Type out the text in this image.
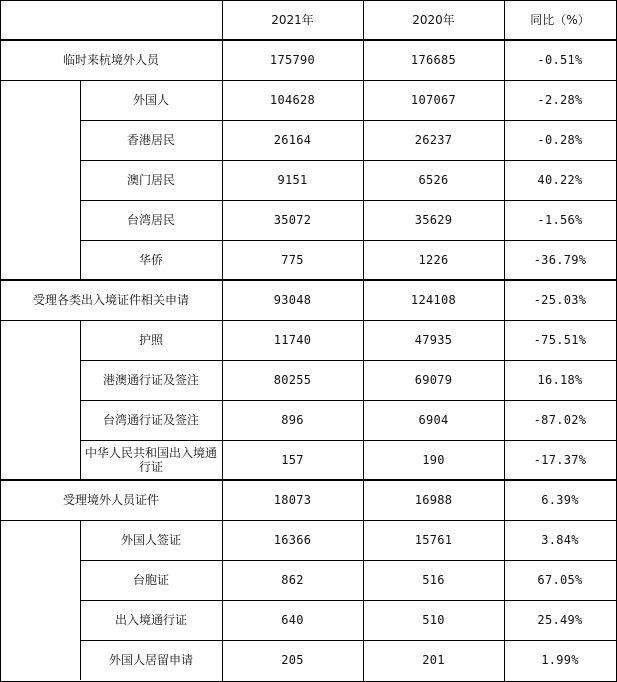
2021年	2020年	同比（%）
临时来杭境外人员	175790	176685	-0.51%
外国人	104628	107067	-2.28%
香港居民	26164	26237	-0.28%
澳门居民	9151	6526	40.22%
台湾居民	35072	35629	-1.56%
华侨	775	1226	-36.79%
受理各类出入境证件相关申请	93048	124108	-25.03%
护照	11740	47935	-75.51%
港澳通行证及签注	80255	69079	16.18%
台湾通行证及签注	896	6904	-87.02%
中华人民共和国出入境通行证	157	190	-17.37%
受理境外人员证件	18073	16988	6.39%
外国人签证	16366	15761	3.84%
台胞证	862	516	67.05%
出入境通行证	640	510	25.49%
外国人居留申请	205	201	1.99%
